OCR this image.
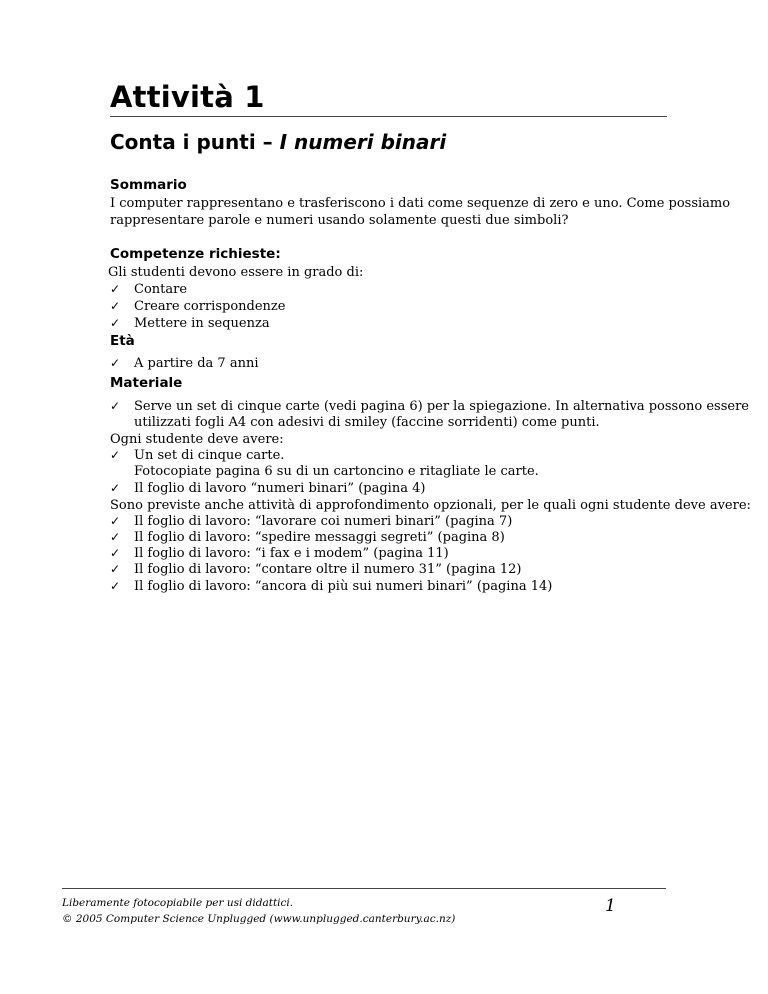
Attività 1
Conta i punti – I numeri binari
Sommario
I computer rappresentano e trasferiscono i dati come sequenze di zero e uno. Come possiamo
rappresentare parole e numeri usando solamente questi due simboli?
Competenze richieste:
Gli studenti devono essere in grado di:
✓ Contare
✓ Creare corrispondenze
✓ Mettere in sequenza
Età
✓ A partire da 7 anni
Materiale
✓ Serve un set di cinque carte (vedi pagina 6) per la spiegazione. In alternativa possono essere
utilizzati fogli A4 con adesivi di smiley (faccine sorridenti) come punti.
Ogni studente deve avere:
✓ Un set di cinque carte.
Fotocopiate pagina 6 su di un cartoncino e ritagliate le carte.
✓ Il foglio di lavoro “numeri binari” (pagina 4)
Sono previste anche attività di approfondimento opzionali, per le quali ogni studente deve avere:
✓ Il foglio di lavoro: “lavorare coi numeri binari” (pagina 7)
✓ Il foglio di lavoro: “spedire messaggi segreti” (pagina 8)
✓ Il foglio di lavoro: “i fax e i modem” (pagina 11)
✓ Il foglio di lavoro: “contare oltre il numero 31” (pagina 12)
✓ Il foglio di lavoro: “ancora di più sui numeri binari” (pagina 14)
Liberamente fotocopiabile per usi didattici.
© 2005 Computer Science Unplugged (www.unplugged.canterbury.ac.nz)
1
